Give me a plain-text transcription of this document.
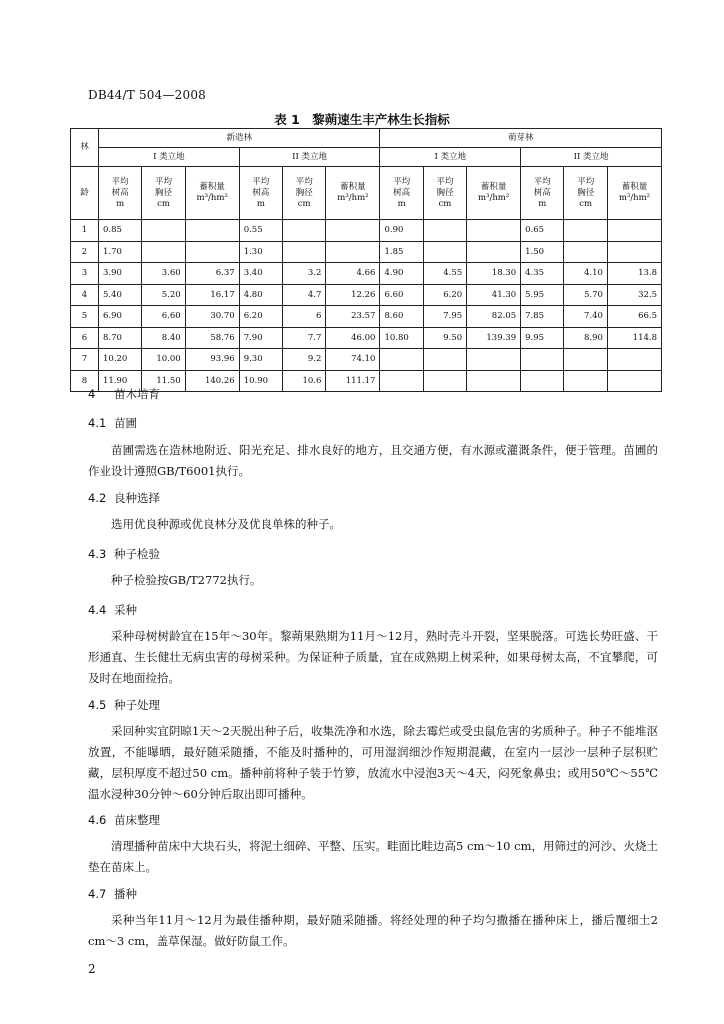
DB44/T 504—2008
表 1　黎蒴速生丰产林生长指标
林	新造林						萌芽林					
	I 类立地			II 类立地			I 类立地			II 类立地		

龄	平均
树高
m	平均
胸径
cm	蓄积量
m³/hm²	平均
树高
m	平均
胸径
cm	蓄积量
m³/hm²	平均
树高
m	平均
胸径
cm	蓄积量
m³/hm²	平均
树高
m	平均
胸径
cm	蓄积量
m³/hm²

1	0.85			0.55			0.90			0.65		
2	1.70			1.30			1.85			1.50		
3	3.90	3.60	6.37	3.40	3.2	4.66	4.90	4.55	18.30	4.35	4.10	13.8
4	5.40	5.20	16.17	4.80	4.7	12.26	6.60	6.20	41.30	5.95	5.70	32.5
5	6.90	6.60	30.70	6.20	6	23.57	8.60	7.95	82.05	7.85	7.40	66.5
6	8.70	8.40	58.76	7.90	7.7	46.00	10.80	9.50	139.39	9.95	8.90	114.8
7	10.20	10.00	93.96	9.30	9.2	74.10						
8	11.90	11.50	140.26	10.90	10.6	111.17						
4 苗木培育
4.1 苗圃
苗圃需选在造林地附近、阳光充足、排水良好的地方，且交通方便，有水源或灌溉条件，便于管理。苗圃的作业设计遵照GB/T6001执行。
4.2 良种选择
选用优良种源或优良林分及优良单株的种子。
4.3 种子检验
种子检验按GB/T2772执行。
4.4 采种
采种母树树龄宜在15年～30年。黎蒴果熟期为11月～12月，熟时壳斗开裂，坚果脱落。可选长势旺盛、干形通直、生长健壮无病虫害的母树采种。为保证种子质量，宜在成熟期上树采种，如果母树太高，不宜攀爬，可及时在地面捡拾。
4.5 种子处理
采回种实宜阴晾1天～2天脱出种子后，收集洗净和水选，除去霉烂或受虫鼠危害的劣质种子。种子不能堆沤放置，不能曝晒，最好随采随播，不能及时播种的，可用湿润细沙作短期混藏，在室内一层沙一层种子层积贮藏，层积厚度不超过50 cm。播种前将种子装于竹箩，放流水中浸泡3天～4天，闷死象鼻虫；或用50℃～55℃温水浸种30分钟～60分钟后取出即可播种。
4.6 苗床整理
清理播种苗床中大块石头，将泥土细碎、平整、压实。畦面比畦边高5 cm～10 cm，用筛过的河沙、火烧土垫在苗床上。
4.7 播种
采种当年11月～12月为最佳播种期，最好随采随播。将经处理的种子均匀撒播在播种床上，播后覆细土2 cm～3 cm，盖草保湿。做好防鼠工作。
2
